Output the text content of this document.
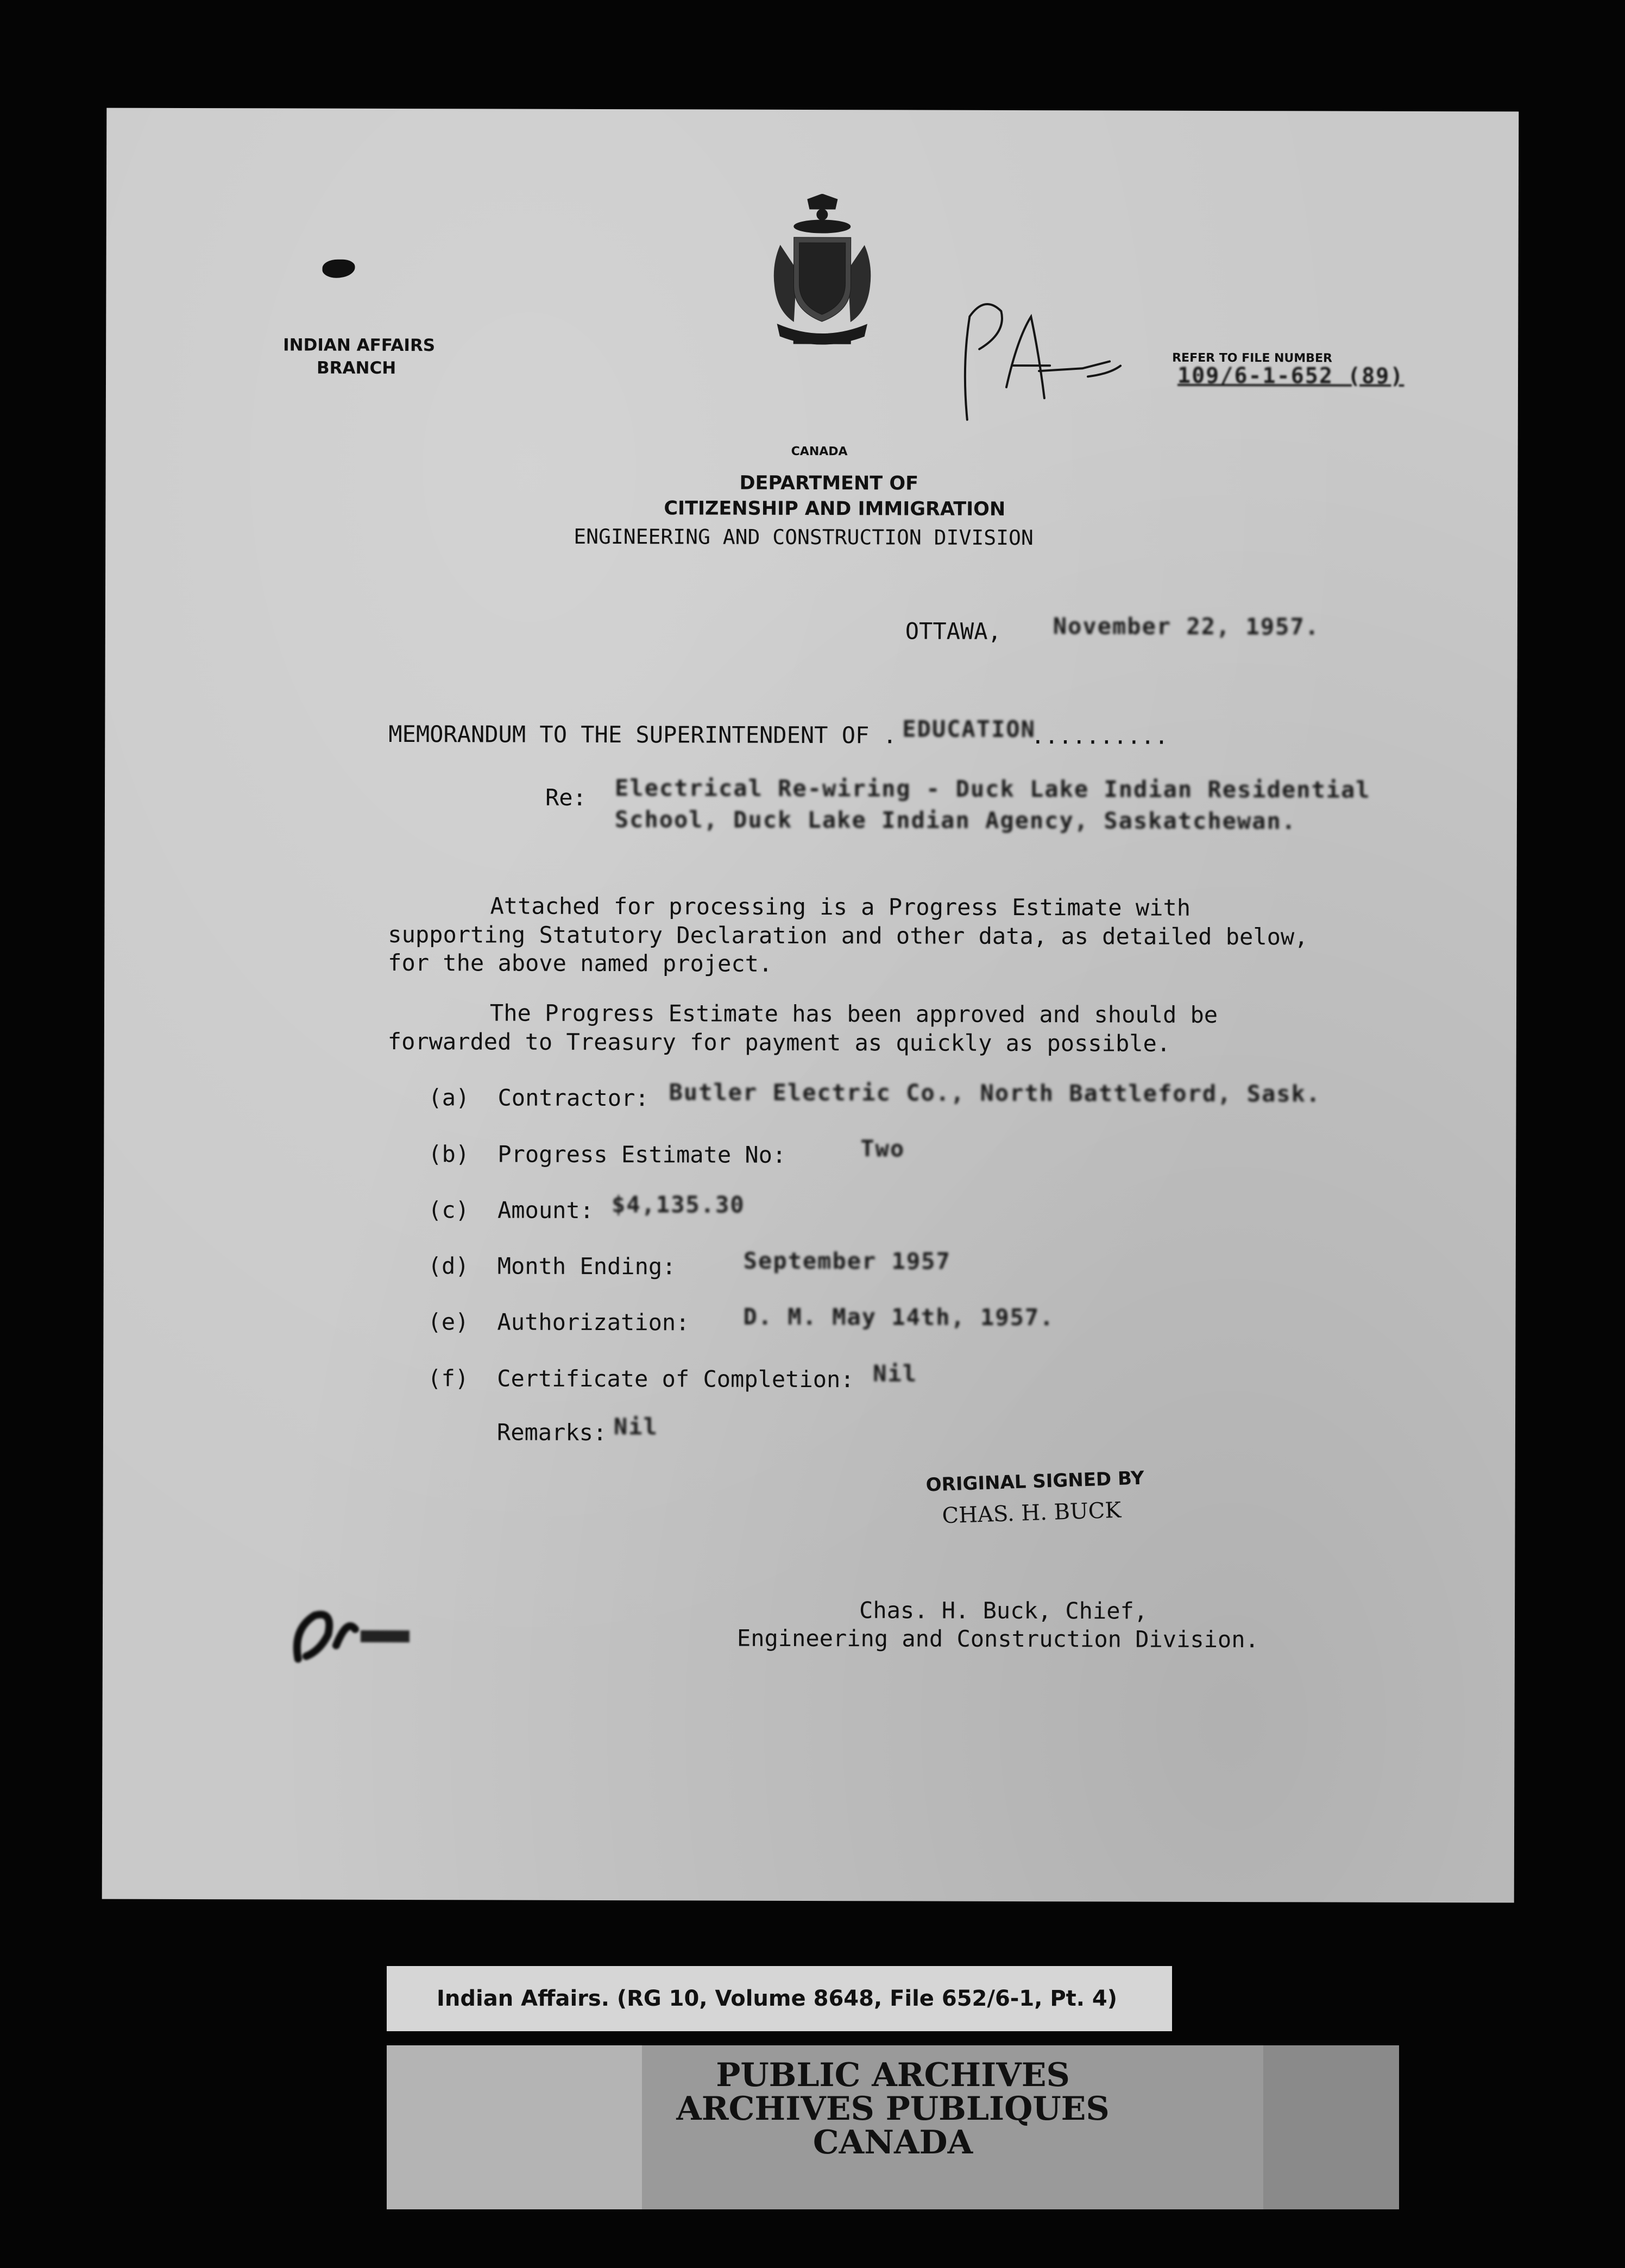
INDIAN AFFAIRS
BRANCH
CANADA
DEPARTMENT OF
CITIZENSHIP AND IMMIGRATION
ENGINEERING AND CONSTRUCTION DIVISION
REFER TO FILE NUMBER
109/6-1-652 (89)
OTTAWA, November 22, 1957.
MEMORANDUM TO THE SUPERINTENDENT OF . EDUCATION
..........
Re: Electrical Re-wiring - Duck Lake Indian Residential
School, Duck Lake Indian Agency, Saskatchewan.
Attached for processing is a Progress Estimate with
supporting Statutory Declaration and other data, as detailed below,
for the above named project.
The Progress Estimate has been approved and should be
forwarded to Treasury for payment as quickly as possible.
(a) Contractor: Butler Electric Co., North Battleford, Sask.
(b) Progress Estimate No:	Two
(c) Amount: $4,135.30
(d) Month Ending:	September 1957
(e) Authorization: D. M. May 14th, 1957.
(f) Certificate of Completion: Nil
Remarks: Nil
ORIGINAL SIGNED BY
CHAS. H. BUCK
Chas. H. Buck, Chief,
Engineering and Construction Division.
Indian Affairs. (RG 10, Volume 8648, File 652/6-1, Pt. 4)
PUBLIC ARCHIVES
ARCHIVES PUBLIQUES
CANADA
